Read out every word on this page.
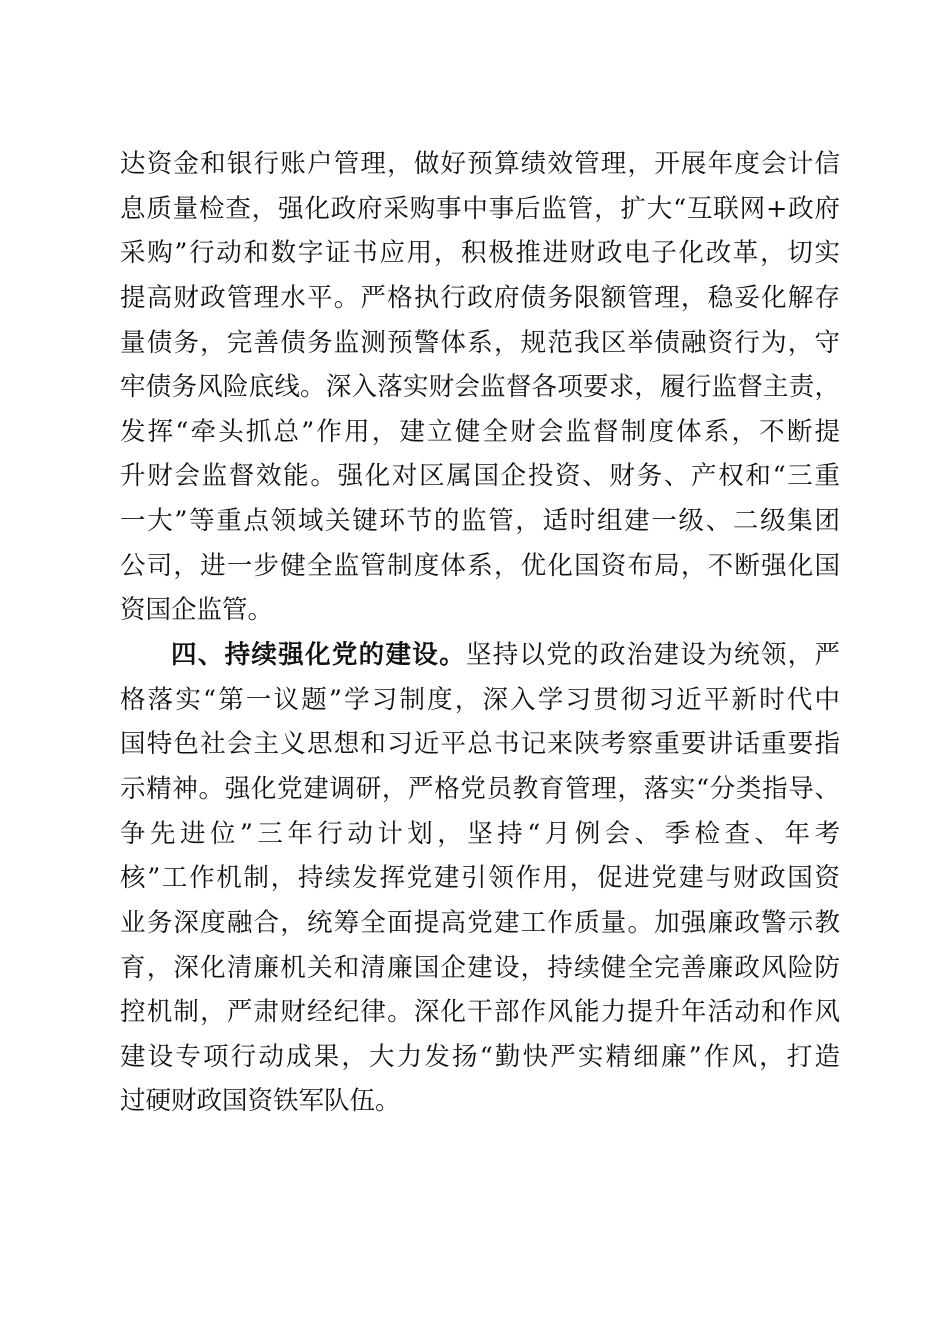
达资金和银行账户管理，做好预算绩效管理，开展年度会计信
息质量检查，强化政府采购事中事后监管，扩大“互联网+政府
采购”行动和数字证书应用，积极推进财政电子化改革，切实
提高财政管理水平。严格执行政府债务限额管理，稳妥化解存
量债务，完善债务监测预警体系，规范我区举债融资行为，守
牢债务风险底线。深入落实财会监督各项要求，履行监督主责，
发挥“牵头抓总”作用，建立健全财会监督制度体系，不断提
升财会监督效能。强化对区属国企投资、财务、产权和“三重
一大”等重点领域关键环节的监管，适时组建一级、二级集团
公司，进一步健全监管制度体系，优化国资布局，不断强化国
资国企监管。
四、持续强化党的建设。坚持以党的政治建设为统领，严
格落实“第一议题”学习制度，深入学习贯彻习近平新时代中
国特色社会主义思想和习近平总书记来陕考察重要讲话重要指
示精神。强化党建调研，严格党员教育管理，落实“分类指导、
争先进位”三年行动计划，坚持“月例会、季检查、年考
核”工作机制，持续发挥党建引领作用，促进党建与财政国资
业务深度融合，统筹全面提高党建工作质量。加强廉政警示教
育，深化清廉机关和清廉国企建设，持续健全完善廉政风险防
控机制，严肃财经纪律。深化干部作风能力提升年活动和作风
建设专项行动成果，大力发扬“勤快严实精细廉”作风，打造
过硬财政国资铁军队伍。
